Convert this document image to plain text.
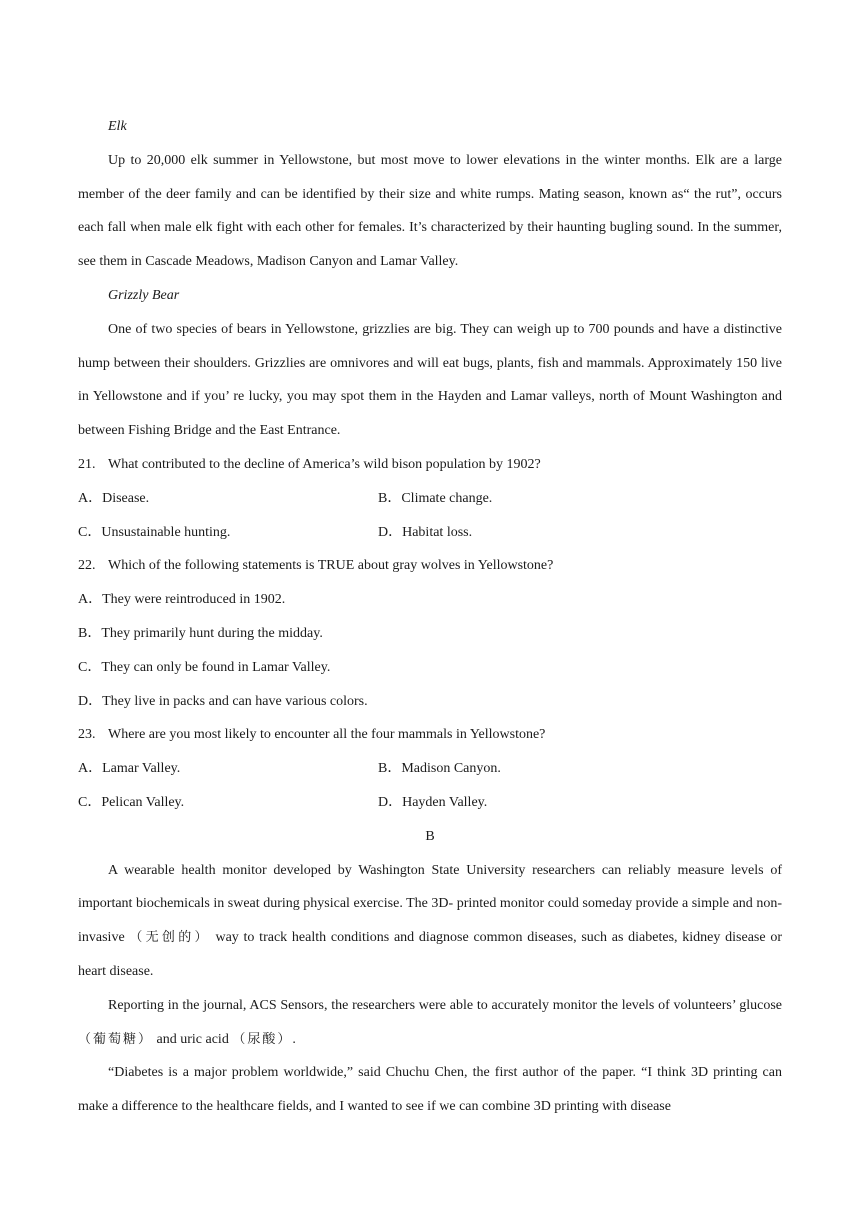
Elk

Up to 20,000 elk summer in Yellowstone, but most move to lower elevations in the winter months. Elk are a large member of the deer family and can be identified by their size and white rumps. Mating season, known as“ the rut”, occurs each fall when male elk fight with each other for females. It’s characterized by their haunting bugling sound. In the summer, see them in Cascade Meadows, Madison Canyon and Lamar Valley.

Grizzly Bear

One of two species of bears in Yellowstone, grizzlies are big. They can weigh up to 700 pounds and have a distinctive hump between their shoulders. Grizzlies are omnivores and will eat bugs, plants, fish and mammals. Approximately 150 live in Yellowstone and if you’ re lucky, you may spot them in the Hayden and Lamar valleys, north of Mount Washington and between Fishing Bridge and the East Entrance.

21. What contributed to the decline of America’s wild bison population by 1902?
A．Disease.	B．Climate change.
C．Unsustainable hunting.	D．Habitat loss.
22. Which of the following statements is TRUE about gray wolves in Yellowstone?
A．They were reintroduced in 1902.
B．They primarily hunt during the midday.
C．They can only be found in Lamar Valley.
D．They live in packs and can have various colors.
23. Where are you most likely to encounter all the four mammals in Yellowstone?
A．Lamar Valley.	B．Madison Canyon.
C．Pelican Valley.	D．Hayden Valley.
B

A wearable health monitor developed by Washington State University researchers can reliably measure levels of important biochemicals in sweat during physical exercise. The 3D- printed monitor could someday provide a simple and non- invasive （无创的） way to track health conditions and diagnose common diseases, such as diabetes, kidney disease or heart disease.

Reporting in the journal, ACS Sensors, the researchers were able to accurately monitor the levels of volunteers’ glucose （葡萄糖） and uric acid （尿酸）.

“Diabetes is a major problem worldwide,” said Chuchu Chen, the first author of the paper. “I think 3D printing can make a difference to the healthcare fields, and I wanted to see if we can combine 3D printing with disease
